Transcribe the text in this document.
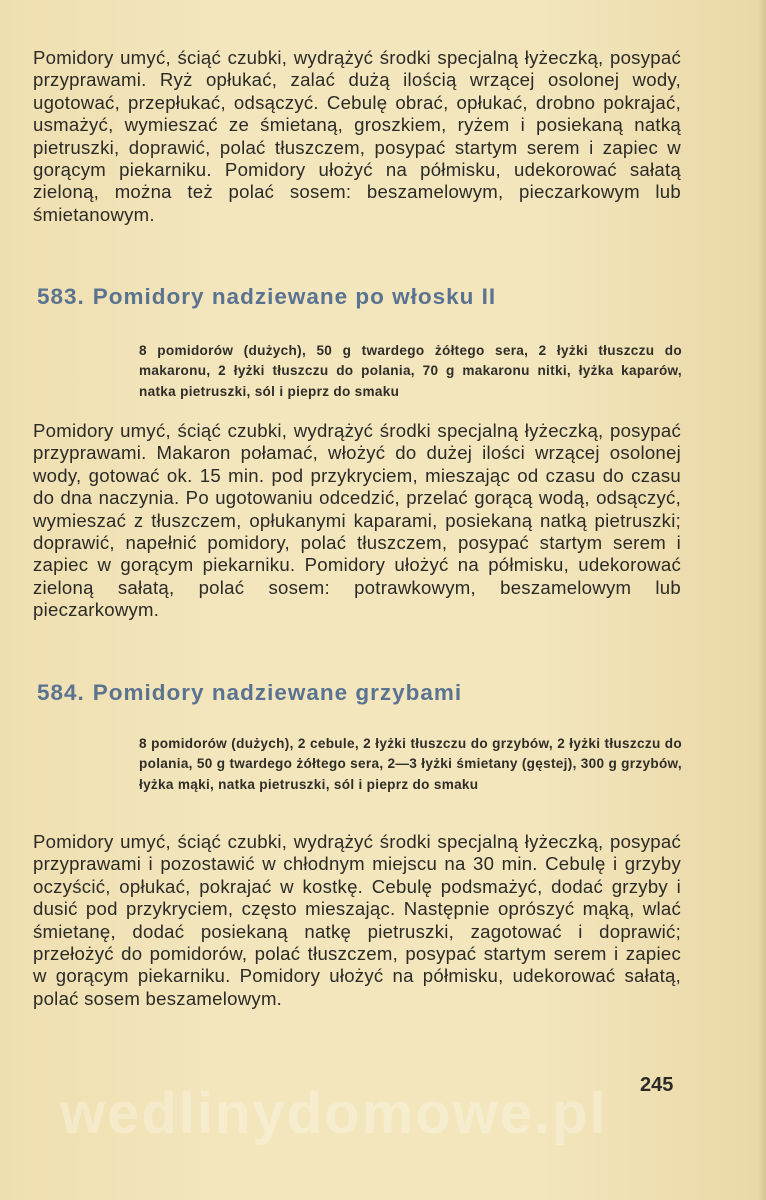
Pomidory umyć, ściąć czubki, wydrążyć środki specjalną łyżeczką, posypać przyprawami. Ryż opłukać, zalać dużą ilością wrzącej osolonej wody, ugotować, przepłukać, odsączyć. Cebulę obrać, opłukać, drobno pokrajać, usmażyć, wymieszać ze śmietaną, groszkiem, ryżem i posiekaną natką pietruszki, doprawić, polać tłuszczem, posypać startym serem i zapiec w gorącym piekarniku. Pomidory ułożyć na półmisku, udekorować sałatą zieloną, można też polać sosem: beszamelowym, pieczarkowym lub śmietanowym.

583. Pomidory nadziewane po włosku II

8 pomidorów (dużych), 50 g twardego żółtego sera, 2 łyżki tłuszczu do makaronu, 2 łyżki tłuszczu do polania, 70 g makaronu nitki, łyżka kaparów, natka pietruszki, sól i pieprz do smaku

Pomidory umyć, ściąć czubki, wydrążyć środki specjalną łyżeczką, posypać przyprawami. Makaron połamać, włożyć do dużej ilości wrzącej osolonej wody, gotować ok. 15 min. pod przykryciem, mieszając od czasu do czasu do dna naczynia. Po ugotowaniu odcedzić, przelać gorącą wodą, odsączyć, wymieszać z tłuszczem, opłukanymi kaparami, posiekaną natką pietruszki; doprawić, napełnić pomidory, polać tłuszczem, posypać startym serem i zapiec w gorącym piekarniku. Pomidory ułożyć na półmisku, udekorować zieloną sałatą, polać sosem: potrawkowym, beszamelowym lub pieczarkowym.

584. Pomidory nadziewane grzybami

8 pomidorów (dużych), 2 cebule, 2 łyżki tłuszczu do grzybów, 2 łyżki tłuszczu do polania, 50 g twardego żółtego sera, 2—3 łyżki śmietany (gęstej), 300 g grzybów, łyżka mąki, natka pietruszki, sól i pieprz do smaku

Pomidory umyć, ściąć czubki, wydrążyć środki specjalną łyżeczką, posypać przyprawami i pozostawić w chłodnym miejscu na 30 min. Cebulę i grzyby oczyścić, opłukać, pokrajać w kostkę. Cebulę podsmażyć, dodać grzyby i dusić pod przykryciem, często mieszając. Następnie oprószyć mąką, wlać śmietanę, dodać posiekaną natkę pietruszki, zagotować i doprawić; przełożyć do pomidorów, polać tłuszczem, posypać startym serem i zapiec w gorącym piekarniku. Pomidory ułożyć na półmisku, udekorować sałatą, polać sosem beszamelowym.

wedlinydomowe.pl 245
